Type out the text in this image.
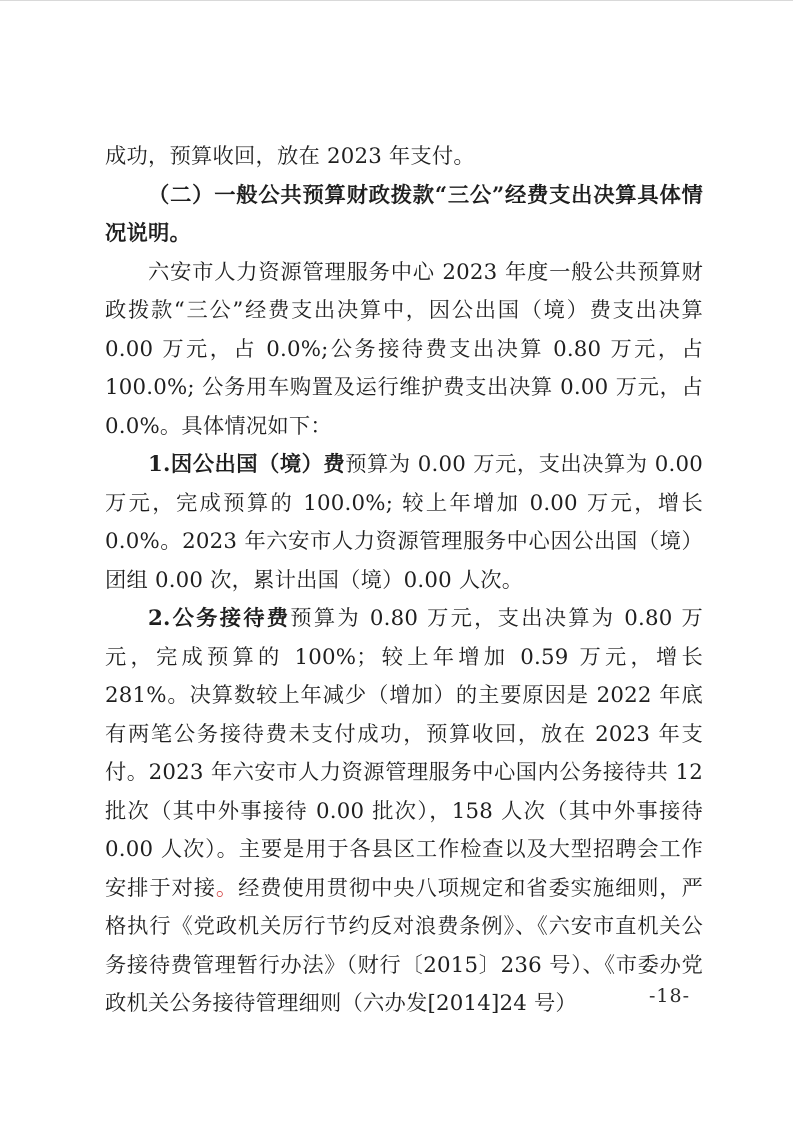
成功，预算收回，放在 2023 年支付。

（二）一般公共预算财政拨款“三公”经费支出决算具体情况说明。

六安市人力资源管理服务中心 2023 年度一般公共预算财政拨款“三公”经费支出决算中，因公出国（境）费支出决算 0.00 万元，占 0.0%;公务接待费支出决算 0.80 万元，占 100.0%; 公务用车购置及运行维护费支出决算 0.00 万元，占 0.0%。具体情况如下：

1.因公出国（境）费预算为 0.00 万元，支出决算为 0.00 万元，完成预算的 100.0%; 较上年增加 0.00 万元，增长 0.0%。2023 年六安市人力资源管理服务中心因公出国（境）团组 0.00 次，累计出国（境）0.00 人次。

2.公务接待费预算为 0.80 万元，支出决算为 0.80 万元，完成预算的 100%；较上年增加 0.59 万元，增长 281%。决算数较上年减少（增加）的主要原因是 2022 年底有两笔公务接待费未支付成功，预算收回，放在 2023 年支付。2023 年六安市人力资源管理服务中心国内公务接待共 12 批次（其中外事接待 0.00 批次），158 人次（其中外事接待 0.00 人次）。主要是用于各县区工作检查以及大型招聘会工作安排于对接。经费使用贯彻中央八项规定和省委实施细则，严格执行《党政机关厉行节约反对浪费条例》、《六安市直机关公务接待费管理暂行办法》（财行〔2015〕236 号）、《市委办党政机关公务接待管理细则（六办发[2014]24 号）	-18-
